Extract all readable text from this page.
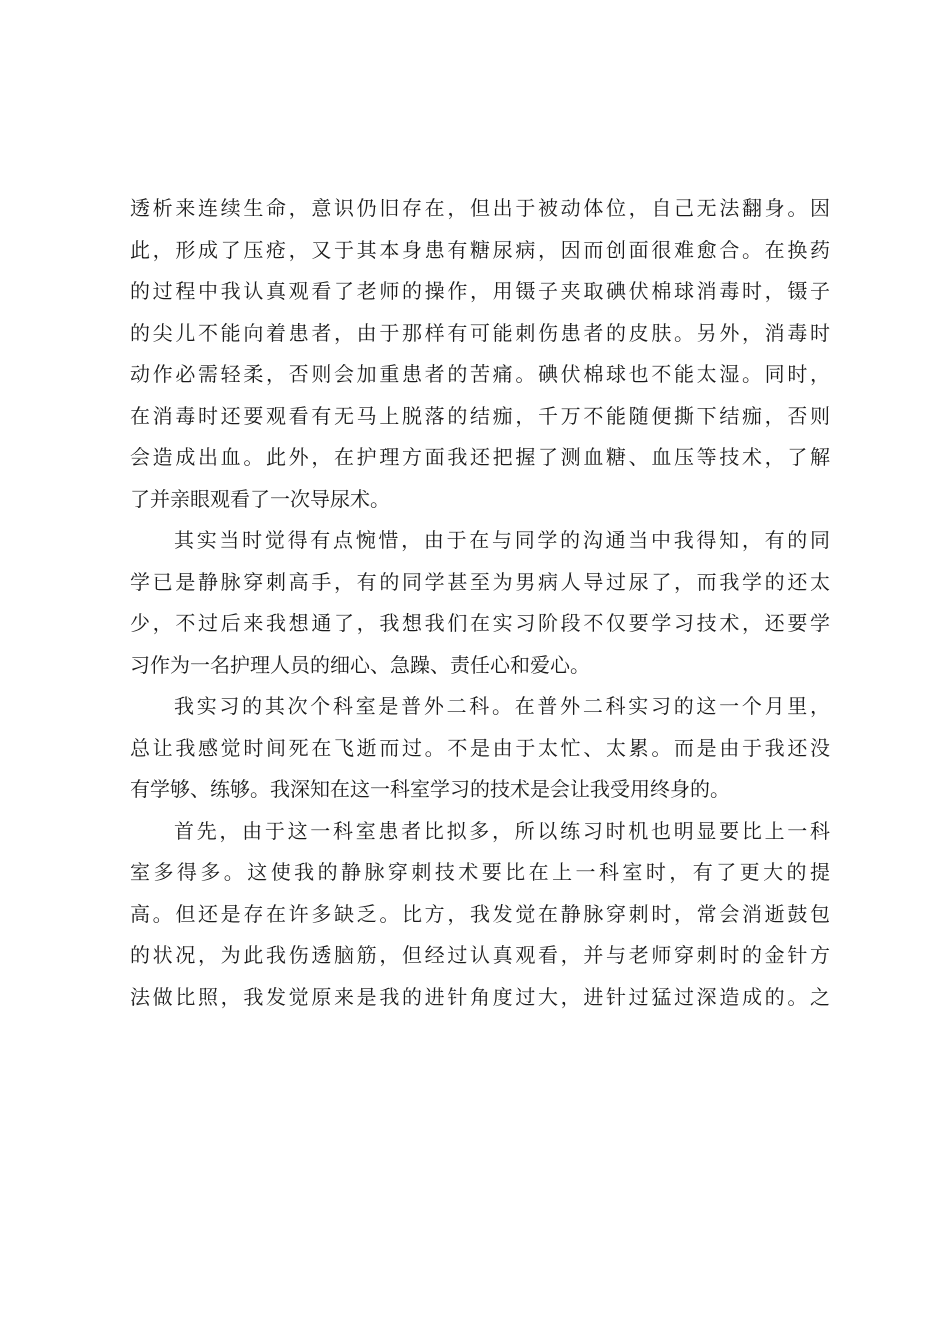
透析来连续生命，意识仍旧存在，但出于被动体位，自己无法翻身。因
此，形成了压疮，又于其本身患有糖尿病，因而创面很难愈合。在换药
的过程中我认真观看了老师的操作，用镊子夹取碘伏棉球消毒时，镊子
的尖儿不能向着患者，由于那样有可能刺伤患者的皮肤。另外，消毒时
动作必需轻柔，否则会加重患者的苦痛。碘伏棉球也不能太湿。同时，
在消毒时还要观看有无马上脱落的结痂，千万不能随便撕下结痂，否则
会造成出血。此外，在护理方面我还把握了测血糖、血压等技术，了解
了并亲眼观看了一次导尿术。
其实当时觉得有点惋惜，由于在与同学的沟通当中我得知，有的同
学已是静脉穿刺高手，有的同学甚至为男病人导过尿了，而我学的还太
少，不过后来我想通了，我想我们在实习阶段不仅要学习技术，还要学
习作为一名护理人员的细心、急躁、责任心和爱心。
我实习的其次个科室是普外二科。在普外二科实习的这一个月里，
总让我感觉时间死在飞逝而过。不是由于太忙、太累。而是由于我还没
有学够、练够。我深知在这一科室学习的技术是会让我受用终身的。
首先，由于这一科室患者比拟多，所以练习时机也明显要比上一科
室多得多。这使我的静脉穿刺技术要比在上一科室时，有了更大的提
高。但还是存在许多缺乏。比方，我发觉在静脉穿刺时，常会消逝鼓包
的状况，为此我伤透脑筋，但经过认真观看，并与老师穿刺时的金针方
法做比照，我发觉原来是我的进针角度过大，进针过猛过深造成的。之
